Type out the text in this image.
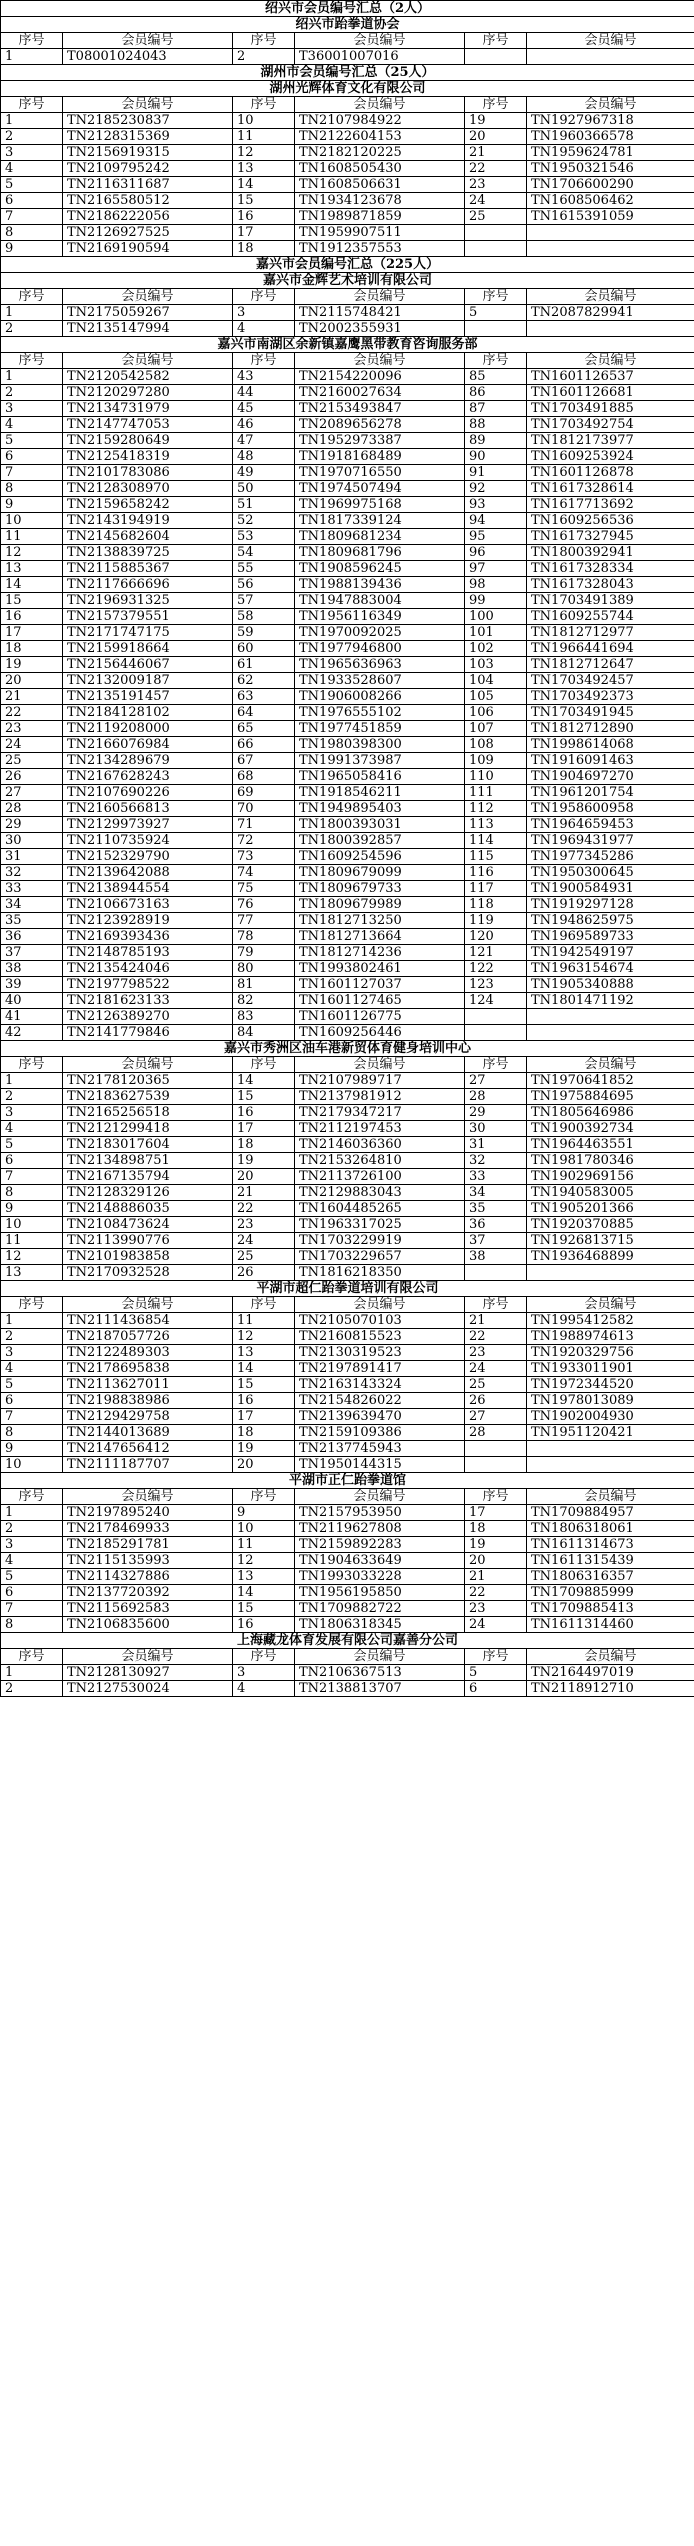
绍兴市会员编号汇总（2人）					
绍兴市跆拳道协会					
序号	会员编号	序号	会员编号	序号	会员编号
1	T08001024043	2	T36001007016		
湖州市会员编号汇总（25人）					
湖州光辉体育文化有限公司					
序号	会员编号	序号	会员编号	序号	会员编号
1	TN2185230837	10	TN2107984922	19	TN1927967318
2	TN2128315369	11	TN2122604153	20	TN1960366578
3	TN2156919315	12	TN2182120225	21	TN1959624781
4	TN2109795242	13	TN1608505430	22	TN1950321546
5	TN2116311687	14	TN1608506631	23	TN1706600290
6	TN2165580512	15	TN1934123678	24	TN1608506462
7	TN2186222056	16	TN1989871859	25	TN1615391059
8	TN2126927525	17	TN1959907511		
9	TN2169190594	18	TN1912357553		
嘉兴市会员编号汇总（225人）					
嘉兴市金辉艺术培训有限公司					
序号	会员编号	序号	会员编号	序号	会员编号
1	TN2175059267	3	TN2115748421	5	TN2087829941
2	TN2135147994	4	TN2002355931		
嘉兴市南湖区余新镇嘉鹰黑带教育咨询服务部					
序号	会员编号	序号	会员编号	序号	会员编号
1	TN2120542582	43	TN2154220096	85	TN1601126537
2	TN2120297280	44	TN2160027634	86	TN1601126681
3	TN2134731979	45	TN2153493847	87	TN1703491885
4	TN2147747053	46	TN2089656278	88	TN1703492754
5	TN2159280649	47	TN1952973387	89	TN1812173977
6	TN2125418319	48	TN1918168489	90	TN1609253924
7	TN2101783086	49	TN1970716550	91	TN1601126878
8	TN2128308970	50	TN1974507494	92	TN1617328614
9	TN2159658242	51	TN1969975168	93	TN1617713692
10	TN2143194919	52	TN1817339124	94	TN1609256536
11	TN2145682604	53	TN1809681234	95	TN1617327945
12	TN2138839725	54	TN1809681796	96	TN1800392941
13	TN2115885367	55	TN1908596245	97	TN1617328334
14	TN2117666696	56	TN1988139436	98	TN1617328043
15	TN2196931325	57	TN1947883004	99	TN1703491389
16	TN2157379551	58	TN1956116349	100	TN1609255744
17	TN2171747175	59	TN1970092025	101	TN1812712977
18	TN2159918664	60	TN1977946800	102	TN1966441694
19	TN2156446067	61	TN1965636963	103	TN1812712647
20	TN2132009187	62	TN1933528607	104	TN1703492457
21	TN2135191457	63	TN1906008266	105	TN1703492373
22	TN2184128102	64	TN1976555102	106	TN1703491945
23	TN2119208000	65	TN1977451859	107	TN1812712890
24	TN2166076984	66	TN1980398300	108	TN1998614068
25	TN2134289679	67	TN1991373987	109	TN1916091463
26	TN2167628243	68	TN1965058416	110	TN1904697270
27	TN2107690226	69	TN1918546211	111	TN1961201754
28	TN2160566813	70	TN1949895403	112	TN1958600958
29	TN2129973927	71	TN1800393031	113	TN1964659453
30	TN2110735924	72	TN1800392857	114	TN1969431977
31	TN2152329790	73	TN1609254596	115	TN1977345286
32	TN2139642088	74	TN1809679099	116	TN1950300645
33	TN2138944554	75	TN1809679733	117	TN1900584931
34	TN2106673163	76	TN1809679989	118	TN1919297128
35	TN2123928919	77	TN1812713250	119	TN1948625975
36	TN2169393436	78	TN1812713664	120	TN1969589733
37	TN2148785193	79	TN1812714236	121	TN1942549197
38	TN2135424046	80	TN1993802461	122	TN1963154674
39	TN2197798522	81	TN1601127037	123	TN1905340888
40	TN2181623133	82	TN1601127465	124	TN1801471192
41	TN2126389270	83	TN1601126775		
42	TN2141779846	84	TN1609256446		
嘉兴市秀洲区油车港新贸体育健身培训中心					
序号	会员编号	序号	会员编号	序号	会员编号
1	TN2178120365	14	TN2107989717	27	TN1970641852
2	TN2183627539	15	TN2137981912	28	TN1975884695
3	TN2165256518	16	TN2179347217	29	TN1805646986
4	TN2121299418	17	TN2112197453	30	TN1900392734
5	TN2183017604	18	TN2146036360	31	TN1964463551
6	TN2134898751	19	TN2153264810	32	TN1981780346
7	TN2167135794	20	TN2113726100	33	TN1902969156
8	TN2128329126	21	TN2129883043	34	TN1940583005
9	TN2148886035	22	TN1604485265	35	TN1905201366
10	TN2108473624	23	TN1963317025	36	TN1920370885
11	TN2113990776	24	TN1703229919	37	TN1926813715
12	TN2101983858	25	TN1703229657	38	TN1936468899
13	TN2170932528	26	TN1816218350		
平湖市超仁跆拳道培训有限公司					
序号	会员编号	序号	会员编号	序号	会员编号
1	TN2111436854	11	TN2105070103	21	TN1995412582
2	TN2187057726	12	TN2160815523	22	TN1988974613
3	TN2122489303	13	TN2130319523	23	TN1920329756
4	TN2178695838	14	TN2197891417	24	TN1933011901
5	TN2113627011	15	TN2163143324	25	TN1972344520
6	TN2198838986	16	TN2154826022	26	TN1978013089
7	TN2129429758	17	TN2139639470	27	TN1902004930
8	TN2144013689	18	TN2159109386	28	TN1951120421
9	TN2147656412	19	TN2137745943		
10	TN2111187707	20	TN1950144315		
平湖市正仁跆拳道馆					
序号	会员编号	序号	会员编号	序号	会员编号
1	TN2197895240	9	TN2157953950	17	TN1709884957
2	TN2178469933	10	TN2119627808	18	TN1806318061
3	TN2185291781	11	TN2159892283	19	TN1611314673
4	TN2115135993	12	TN1904633649	20	TN1611315439
5	TN2114327886	13	TN1993033228	21	TN1806316357
6	TN2137720392	14	TN1956195850	22	TN1709885999
7	TN2115692583	15	TN1709882722	23	TN1709885413
8	TN2106835600	16	TN1806318345	24	TN1611314460
上海藏龙体育发展有限公司嘉善分公司					
序号	会员编号	序号	会员编号	序号	会员编号
1	TN2128130927	3	TN2106367513	5	TN2164497019
2	TN2127530024	4	TN2138813707	6	TN2118912710
